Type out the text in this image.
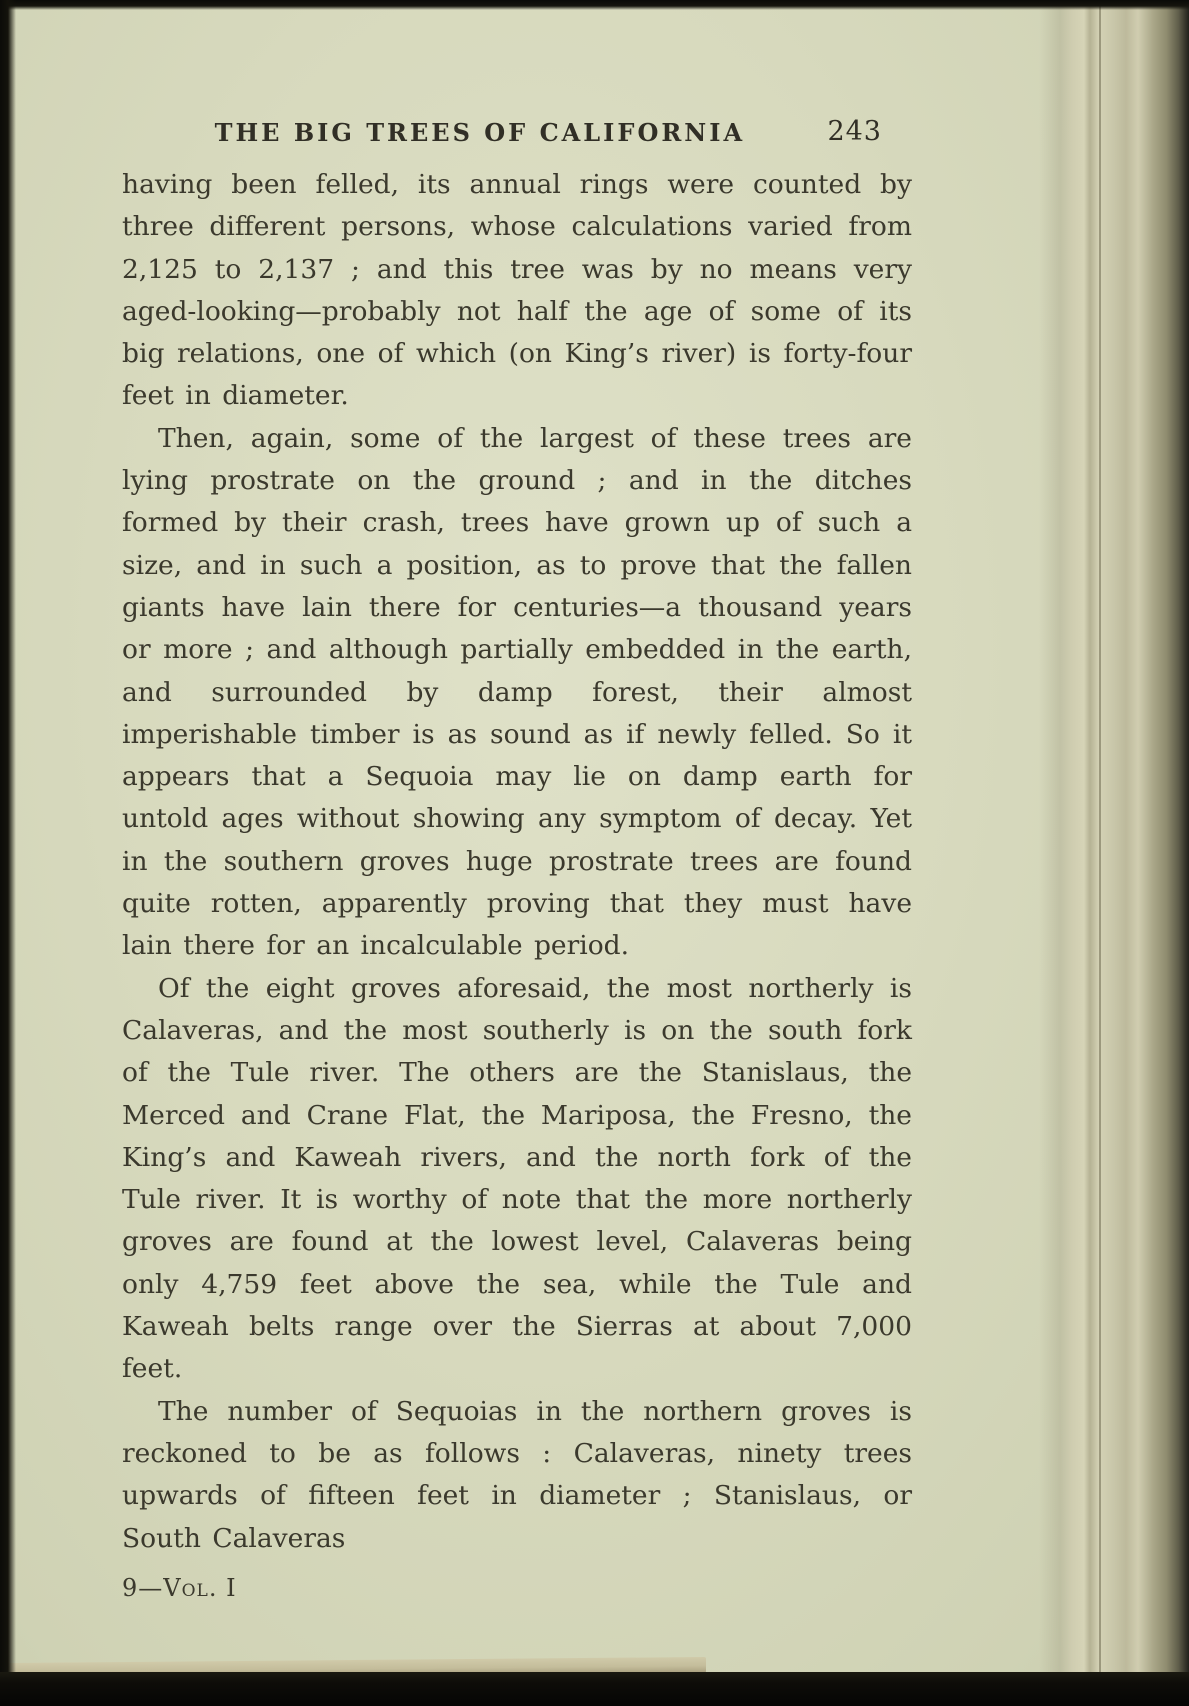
THE BIG TREES OF CALIFORNIA	243

having been felled, its annual rings were counted by three different persons, whose calculations varied from 2,125 to 2,137 ; and this tree was by no means very aged-looking—probably not half the age of some of its big relations, one of which (on King’s river) is forty-four feet in diameter.

Then, again, some of the largest of these trees are lying prostrate on the ground ; and in the ditches formed by their crash, trees have grown up of such a size, and in such a position, as to prove that the fallen giants have lain there for centuries—a thousand years or more ; and although partially embedded in the earth, and surrounded by damp forest, their almost imperishable timber is as sound as if newly felled. So it appears that a Sequoia may lie on damp earth for untold ages without showing any symptom of decay. Yet in the southern groves huge prostrate trees are found quite rotten, apparently proving that they must have lain there for an incalculable period.

Of the eight groves aforesaid, the most northerly is Calaveras, and the most southerly is on the south fork of the Tule river. The others are the Stanislaus, the Merced and Crane Flat, the Mariposa, the Fresno, the King’s and Kaweah rivers, and the north fork of the Tule river. It is worthy of note that the more northerly groves are found at the lowest level, Calaveras being only 4,759 feet above the sea, while the Tule and Kaweah belts range over the Sierras at about 7,000 feet.

The number of Sequoias in the northern groves is reckoned to be as follows : Calaveras, ninety trees upwards of fifteen feet in diameter ; Stanislaus, or South Calaveras

9—Vol. I
